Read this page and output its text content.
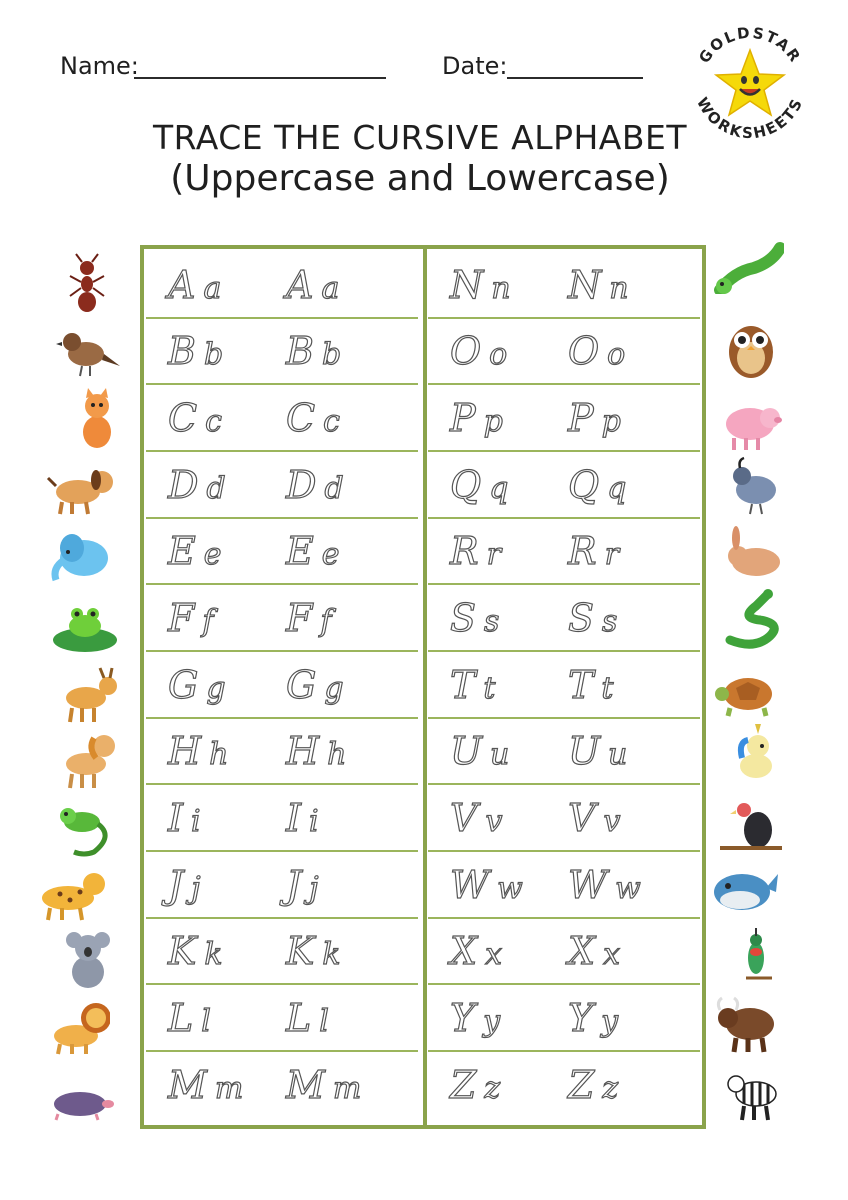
Name:	Date:
TRACE THE CURSIVE ALPHABET
(Uppercase and Lowercase)
GOLDSTAR
WORKSHEETS
A a A a
B b B b
C c C c
D d D d
E e E e
F f F f
G g G g
H h H h
I i I i
J j J j
K k K k
L l L l
M m M m
N n N n
O o O o
P p P p
Q q Q q
R r R r
S s S s
T t T t
U u U u
V v V v
W w W w
X x X x
Y y Y y
Z z Z z
